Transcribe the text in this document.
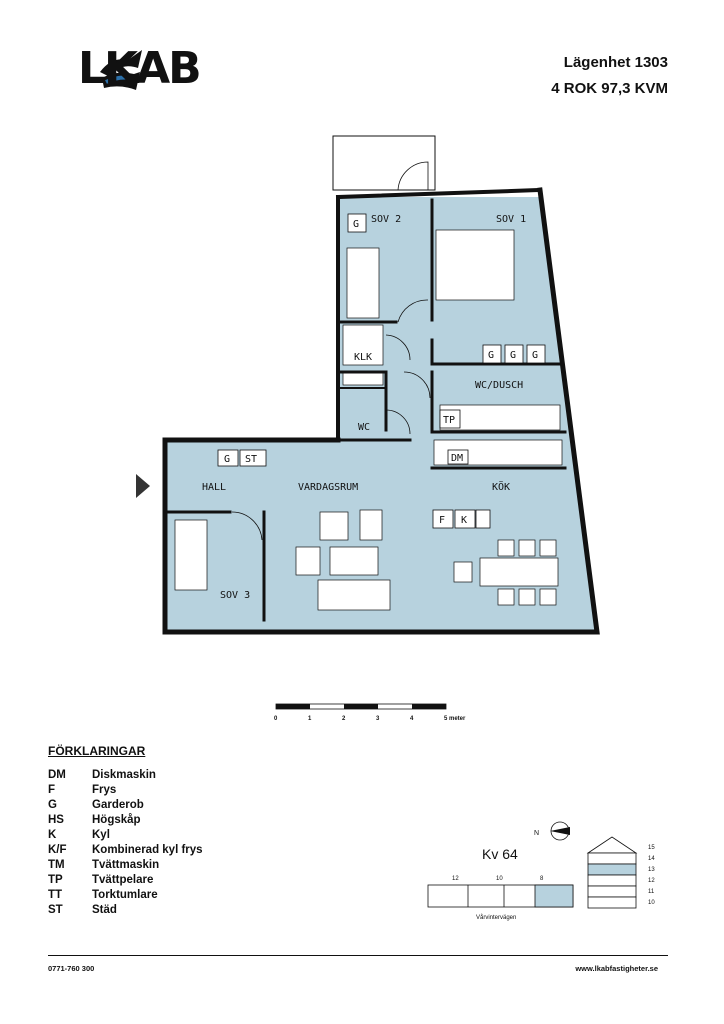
LKAB	Lägenhet 1303
4 ROK 97,3 KVM
SOV 2	SOV 1
KLK
WC/DUSCH
WC
HALL	VARDAGSRUM	KÖK
SOV 3
G
G G G
G ST
TP
DM
F K
0	1	2	3	4	5 meter
FÖRKLARINGAR
DM	Diskmaskin
F	Frys
G	Garderob
HS	Högskåp
K	Kyl
K/F	Kombinerad kyl frys
TM	Tvättmaskin
TP	Tvättpelare
TT	Torktumlare
ST	Städ
Kv 64
N
12	10	8
Vårvintervägen
15
14
13
12
11
10
0771-760 300	www.lkabfastigheter.se
